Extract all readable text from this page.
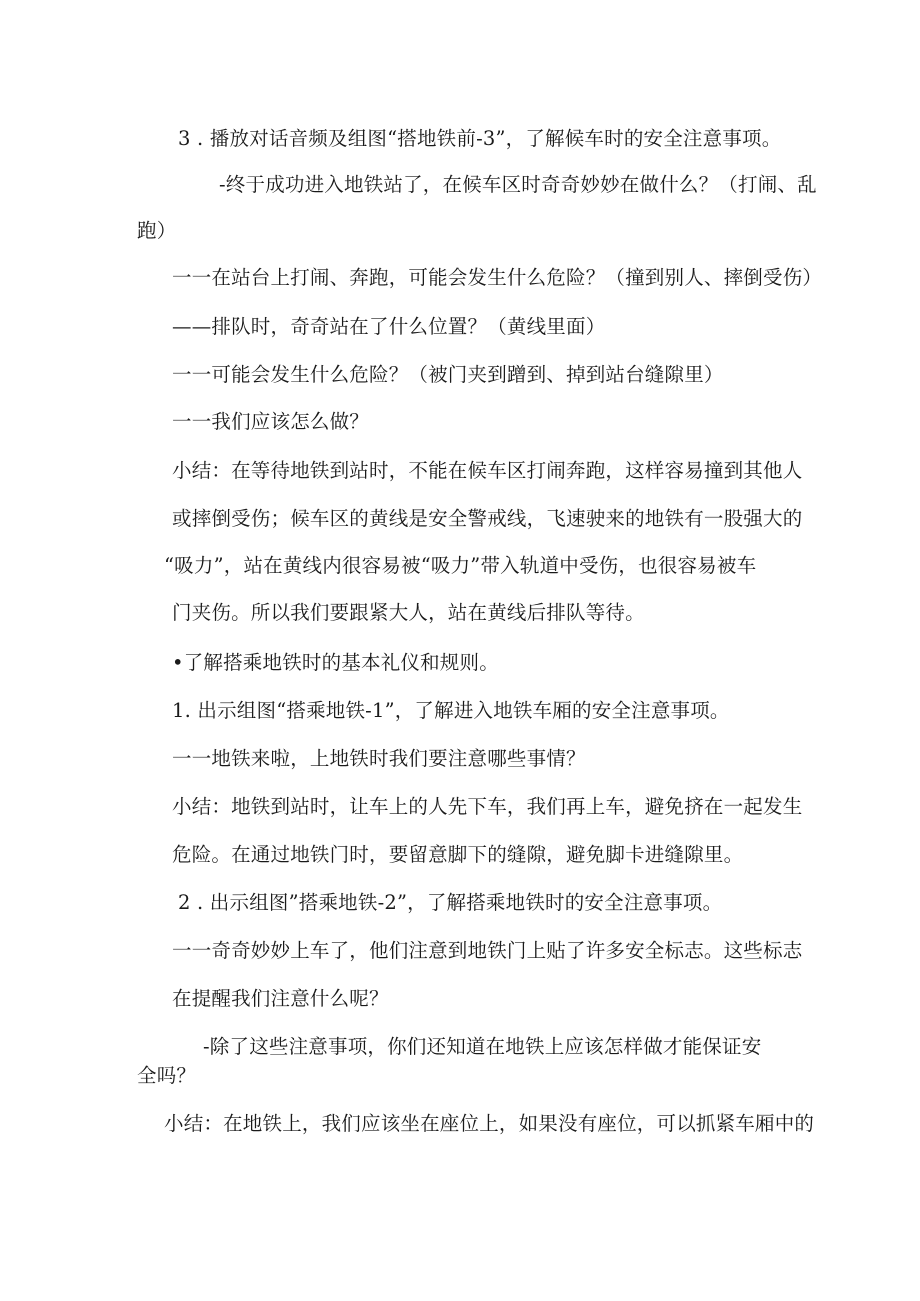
3 . 播放对话音频及组图“搭地铁前-3”，了解候车时的安全注意事项。
-终于成功进入地铁站了，在候车区时奇奇妙妙在做什么？（打闹、乱
跑）
一一在站台上打闹、奔跑，可能会发生什么危险？（撞到别人、摔倒受伤）
——排队时，奇奇站在了什么位置？（黄线里面）
一一可能会发生什么危险？（被门夹到蹭到、掉到站台缝隙里）
一一我们应该怎么做？
小结：在等待地铁到站时，不能在候车区打闹奔跑，这样容易撞到其他人
或摔倒受伤；候车区的黄线是安全警戒线，飞速驶来的地铁有一股强大的
“吸力”，站在黄线内很容易被“吸力”带入轨道中受伤，也很容易被车
门夹伤。所以我们要跟紧大人，站在黄线后排队等待。
•了解搭乘地铁时的基本礼仪和规则。
1. 出示组图“搭乘地铁-1”，了解进入地铁车厢的安全注意事项。
一一地铁来啦，上地铁时我们要注意哪些事情？
小结：地铁到站时，让车上的人先下车，我们再上车，避免挤在一起发生
危险。在通过地铁门时，要留意脚下的缝隙，避免脚卡进缝隙里。
2 . 出示组图”搭乘地铁-2”，了解搭乘地铁时的安全注意事项。
一一奇奇妙妙上车了，他们注意到地铁门上贴了许多安全标志。这些标志
在提醒我们注意什么呢？
-除了这些注意事项，你们还知道在地铁上应该怎样做才能保证安
全吗？
小结：在地铁上，我们应该坐在座位上，如果没有座位，可以抓紧车厢中的
